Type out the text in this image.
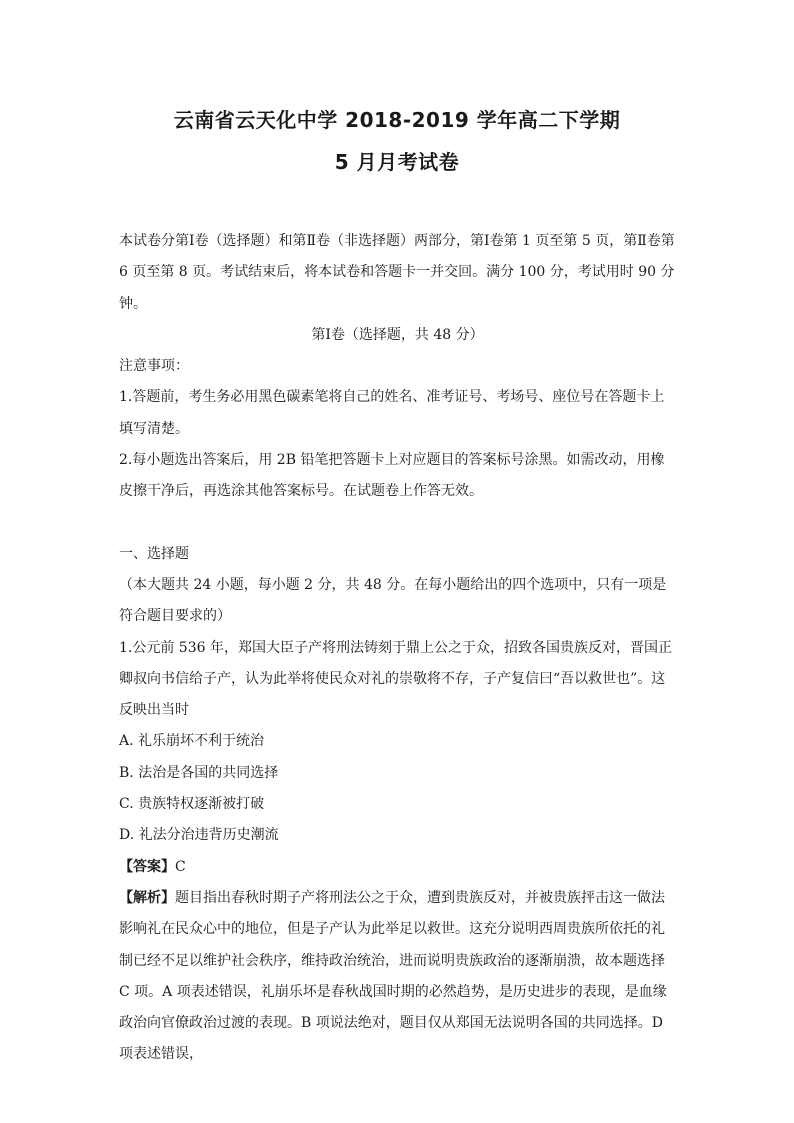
云南省云天化中学 2018-2019 学年高二下学期
5 月月考试卷

本试卷分第Ⅰ卷（选择题）和第Ⅱ卷（非选择题）两部分，第Ⅰ卷第 1 页至第 5 页，第Ⅱ卷第 6 页至第 8 页。考试结束后，将本试卷和答题卡一并交回。满分 100 分，考试用时 90 分钟。

第Ⅰ卷（选择题，共 48 分）

注意事项：

1.答题前，考生务必用黑色碳素笔将自己的姓名、准考证号、考场号、座位号在答题卡上填写清楚。

2.每小题选出答案后，用 2B 铅笔把答题卡上对应题目的答案标号涂黑。如需改动，用橡皮擦干净后，再选涂其他答案标号。在试题卷上作答无效。

一、选择题

（本大题共 24 小题，每小题 2 分，共 48 分。在每小题给出的四个选项中，只有一项是符合题目要求的）

1.公元前 536 年，郑国大臣子产将刑法铸刻于鼎上公之于众，招致各国贵族反对，晋国正卿叔向书信给子产，认为此举将使民众对礼的崇敬将不存，子产复信曰“吾以救世也”。这反映出当时

A. 礼乐崩坏不利于统治

B. 法治是各国的共同选择

C. 贵族特权逐渐被打破

D. 礼法分治违背历史潮流

【答案】C

【解析】题目指出春秋时期子产将刑法公之于众，遭到贵族反对，并被贵族抨击这一做法影响礼在民众心中的地位，但是子产认为此举足以救世。这充分说明西周贵族所依托的礼制已经不足以维护社会秩序，维持政治统治，进而说明贵族政治的逐渐崩溃，故本题选择 C 项。A 项表述错误，礼崩乐坏是春秋战国时期的必然趋势，是历史进步的表现，是血缘政治向官僚政治过渡的表现。B 项说法绝对，题目仅从郑国无法说明各国的共同选择。D 项表述错误，
